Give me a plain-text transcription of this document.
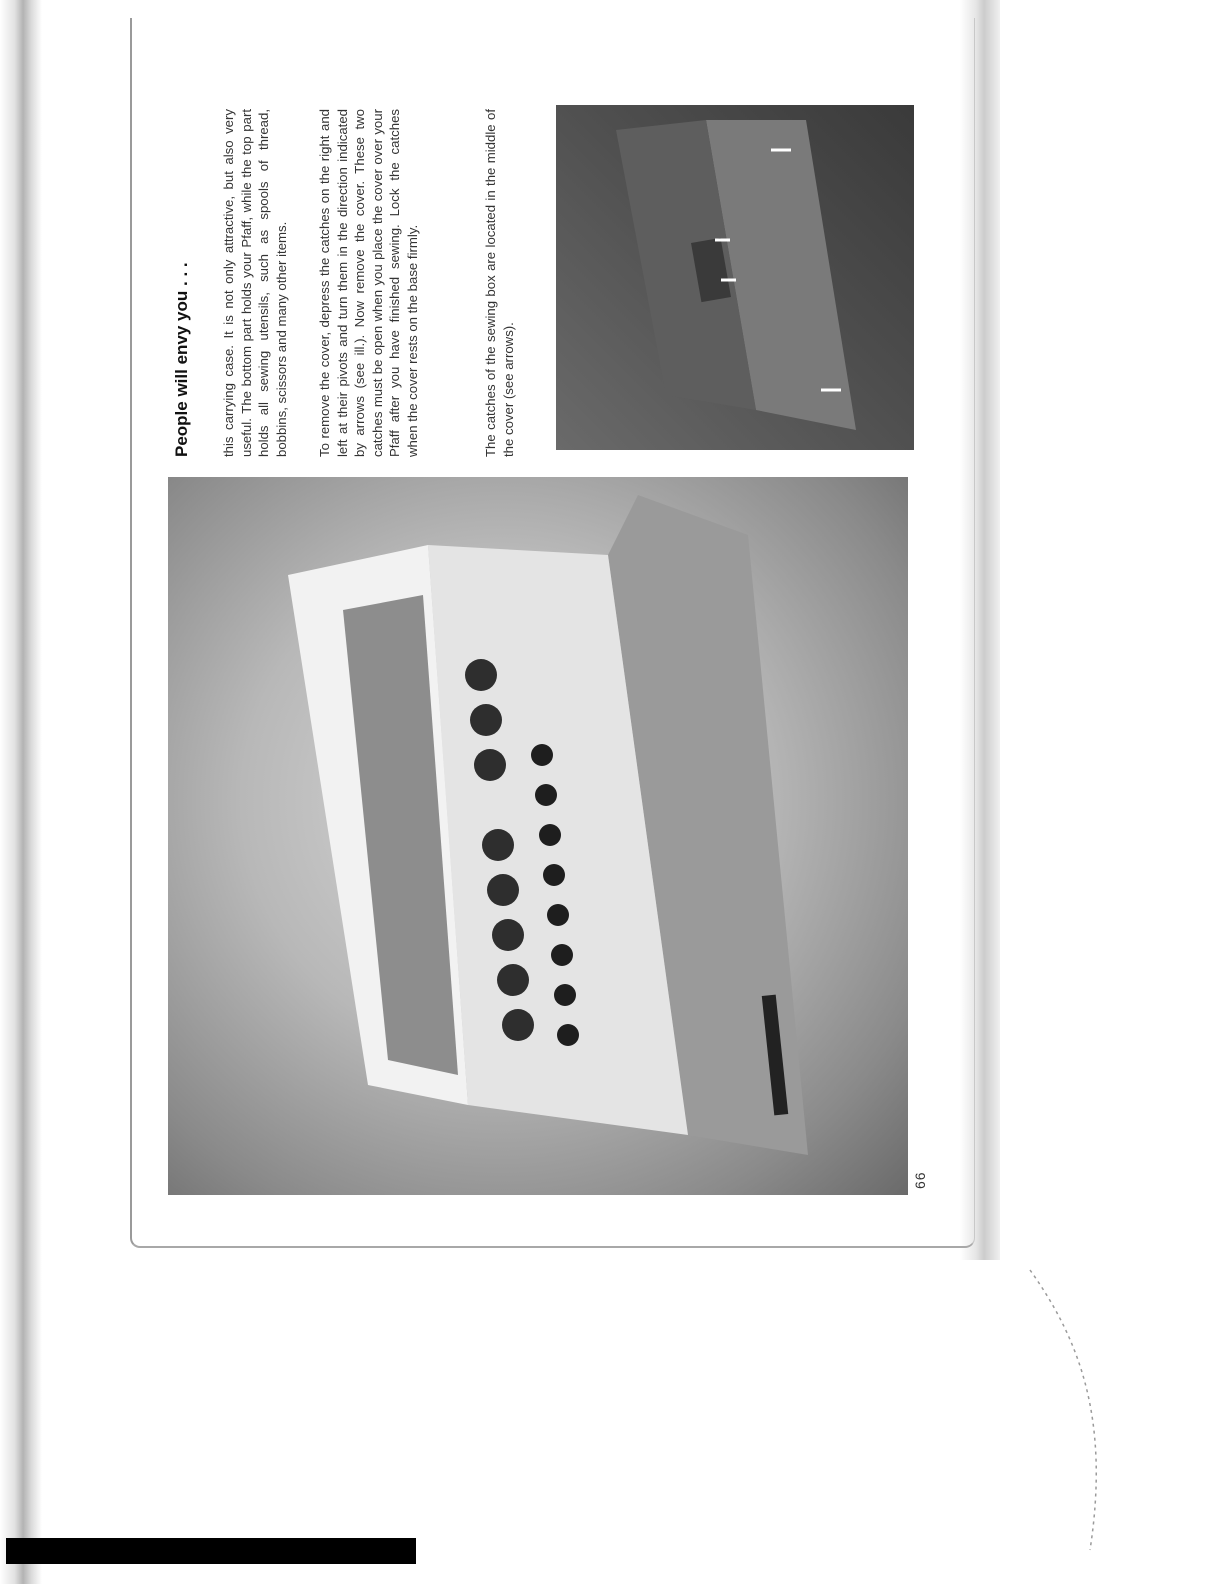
People will envy you . . . this carrying case. It is not only attractive, but also very useful. The bottom part holds your Pfaff, while the top part holds all sewing utensils, such as spools of thread, bobbins, scissors and many other items. To remove the cover, depress the catches on the right and left at their pivots and turn them in the direction indicated by arrows (see ill.). Now remove the cover. These two catches must be open when you place the cover over your Pfaff after you have finished sewing. Lock the catches when the cover rests on the base firmly.	The catches of the sewing box are located in the middle of the cover (see arrows).

66
